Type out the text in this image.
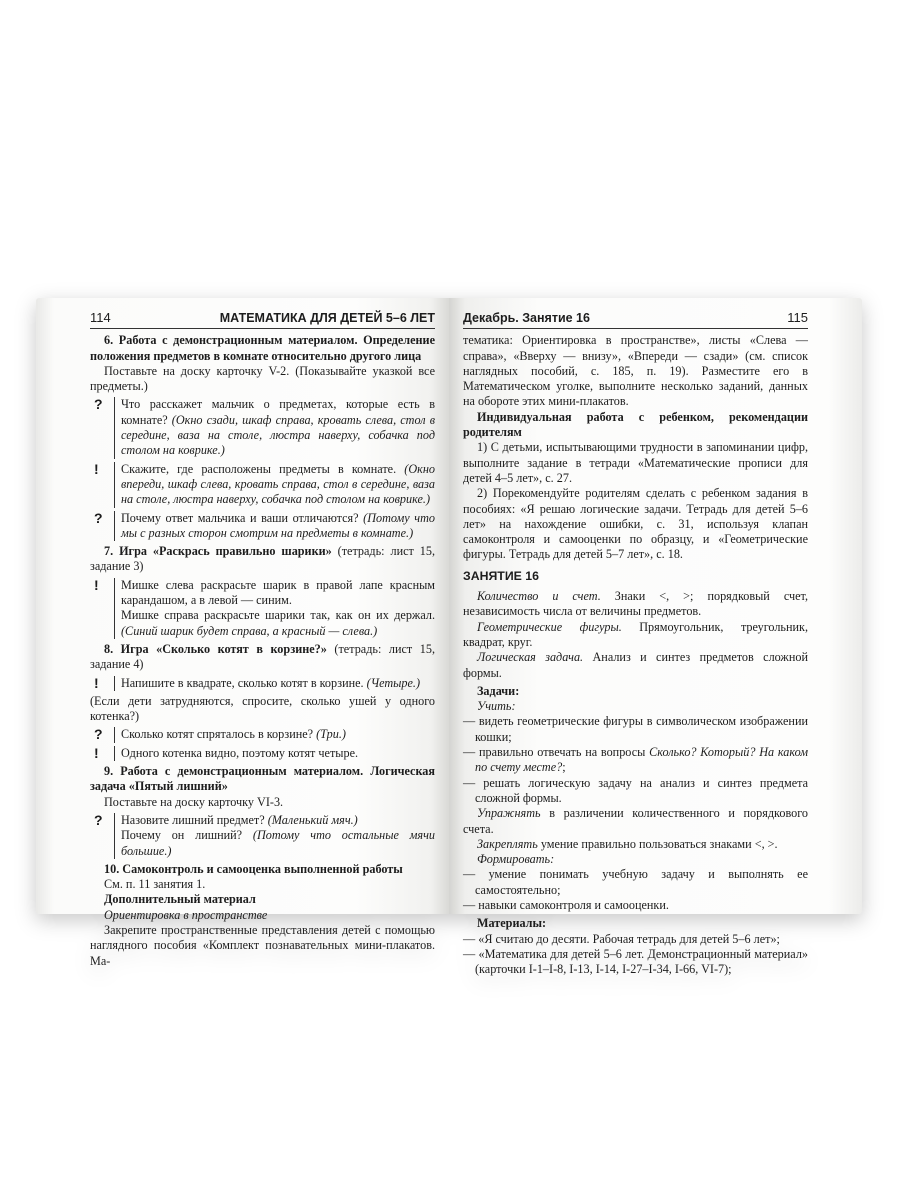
114	МАТЕМАТИКА ДЛЯ ДЕТЕЙ 5–6 ЛЕТ

6. Работа с демонстрационным материалом. Определение положения предметов в комнате относительно другого лица

Поставьте на доску карточку V-2. (Показывайте указкой все предметы.)

?	Что расскажет мальчик о предметах, которые есть в комнате? (Окно сзади, шкаф справа, кровать слева, стол в середине, ваза на столе, люстра наверху, собачка под столом на коврике.)
!	Скажите, где расположены предметы в комнате. (Окно впереди, шкаф слева, кровать справа, стол в середине, ваза на столе, люстра наверху, собачка под столом на коврике.)
?	Почему ответ мальчика и ваши отличаются? (Потому что мы с разных сторон смотрим на предметы в комнате.)

7. Игра «Раскрась правильно шарики» (тетрадь: лист 15, задание 3)

!	Мишке слева раскрасьте шарик в правой лапе красным карандашом, а в левой — синим.
Мишке справа раскрасьте шарики так, как он их держал. (Синий шарик будет справа, а красный — слева.)

8. Игра «Сколько котят в корзине?» (тетрадь: лист 15, задание 4)

!	Напишите в квадрате, сколько котят в корзине. (Четыре.)

(Если дети затрудняются, спросите, сколько ушей у одного котенка?)

?	Сколько котят спряталось в корзине? (Три.)
!	Одного котенка видно, поэтому котят четыре.

9. Работа с демонстрационным материалом. Логическая задача «Пятый лишний»

Поставьте на доску карточку VI-3.

?	Назовите лишний предмет? (Маленький мяч.)
Почему он лишний? (Потому что остальные мячи большие.)

10. Самоконтроль и самооценка выполненной работы

См. п. 11 занятия 1.

Дополнительный материал

Ориентировка в пространстве

Закрепите пространственные представления детей с помощью наглядного пособия «Комплект познавательных мини-плакатов. Ма-

Декабрь. Занятие 16	115

тематика: Ориентировка в пространстве», листы «Слева — справа», «Вверху — внизу», «Впереди — сзади» (см. список наглядных пособий, с. 185, п. 19). Разместите его в Математическом уголке, выполните несколько заданий, данных на обороте этих мини-плакатов.

Индивидуальная работа с ребенком, рекомендации родителям

1) С детьми, испытывающими трудности в запоминании цифр, выполните задание в тетради «Математические прописи для детей 4–5 лет», с. 27.

2) Порекомендуйте родителям сделать с ребенком задания в пособиях: «Я решаю логические задачи. Тетрадь для детей 5–6 лет» на нахождение ошибки, с. 31, используя клапан самоконтроля и самооценки по образцу, и «Геометрические фигуры. Тетрадь для детей 5–7 лет», с. 18.

ЗАНЯТИЕ 16

Количество и счет. Знаки <, >; порядковый счет, независимость числа от величины предметов.

Геометрические фигуры. Прямоугольник, треугольник, квадрат, круг.

Логическая задача. Анализ и синтез предметов сложной формы.

Задачи:

Учить:

— видеть геометрические фигуры в символическом изображении кошки;

— правильно отвечать на вопросы Сколько? Который? На каком по счету месте?;

— решать логическую задачу на анализ и синтез предмета сложной формы.

Упражнять в различении количественного и порядкового счета.

Закреплять умение правильно пользоваться знаками <, >.

Формировать:

— умение понимать учебную задачу и выполнять ее самостоятельно;

— навыки самоконтроля и самооценки.

Материалы:

— «Я считаю до десяти. Рабочая тетрадь для детей 5–6 лет»;

— «Математика для детей 5–6 лет. Демонстрационный материал» (карточки I-1–I-8, I-13, I-14, I-27–I-34, I-66, VI-7);
